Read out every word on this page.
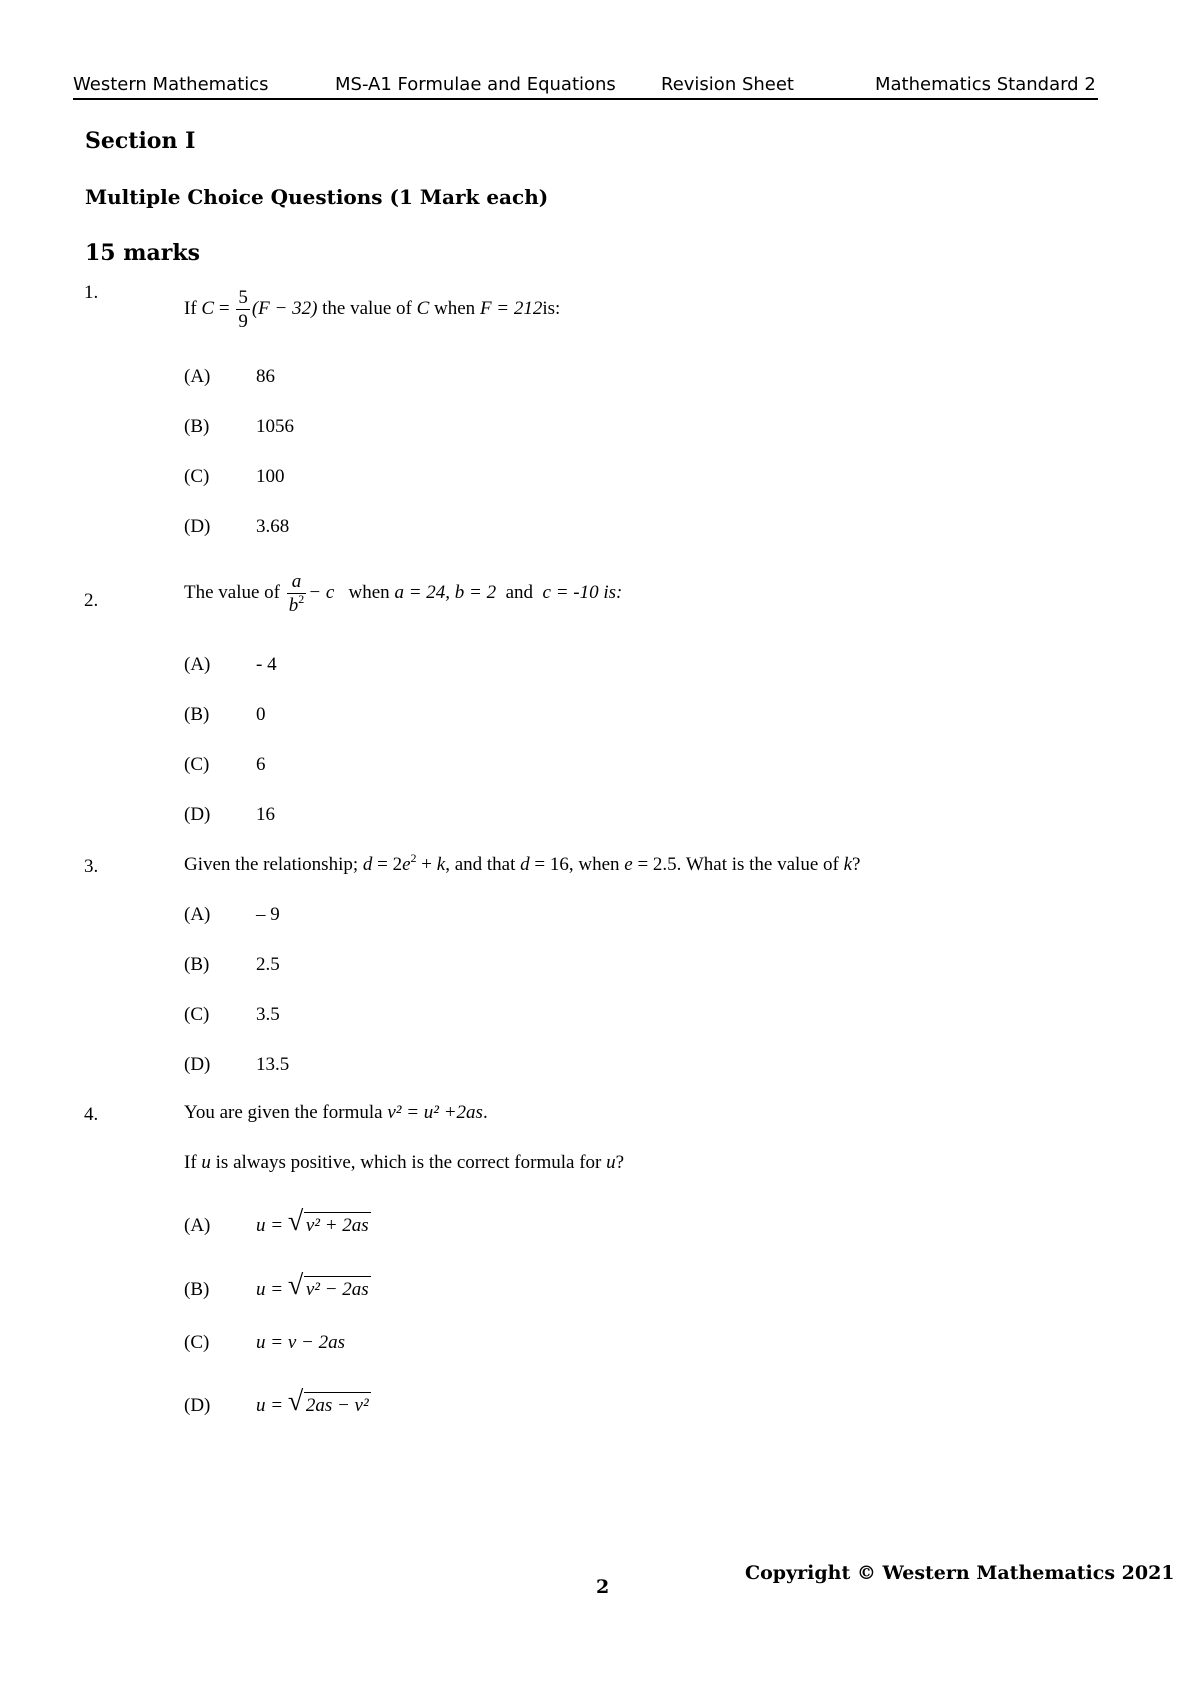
Western Mathematics	MS-A1 Formulae and Equations	Revision Sheet	Mathematics Standard 2
Section I
Multiple Choice Questions (1 Mark each)
15 marks
1.
If $C = \frac{5}{9} (F - 32)$ the value of C when F = 212is:
(A) 86
(B) 1056
(C) 100
(D) 3.68
2.	The value of $\frac{a}{b^2} - c$ when a = 24, b = 2 and c = -10 is:
(A) - 4
(B) 0
(C) 6
(D) 16
3.	Given the relationship; $d = 2e^2 + k$, and that d = 16, when e = 2.5. What is the value of k?
(A) – 9
(B) 2.5
(C) 3.5
(D) 13.5
4.	You are given the formula v² = u² +2as.
If u is always positive, which is the correct formula for u?
(A) u = √ v² + 2as
(B) u = √ v² − 2as
(C) u = v − 2as
(D) u = √ 2as − v²
Copyright © Western Mathematics 2021
2
